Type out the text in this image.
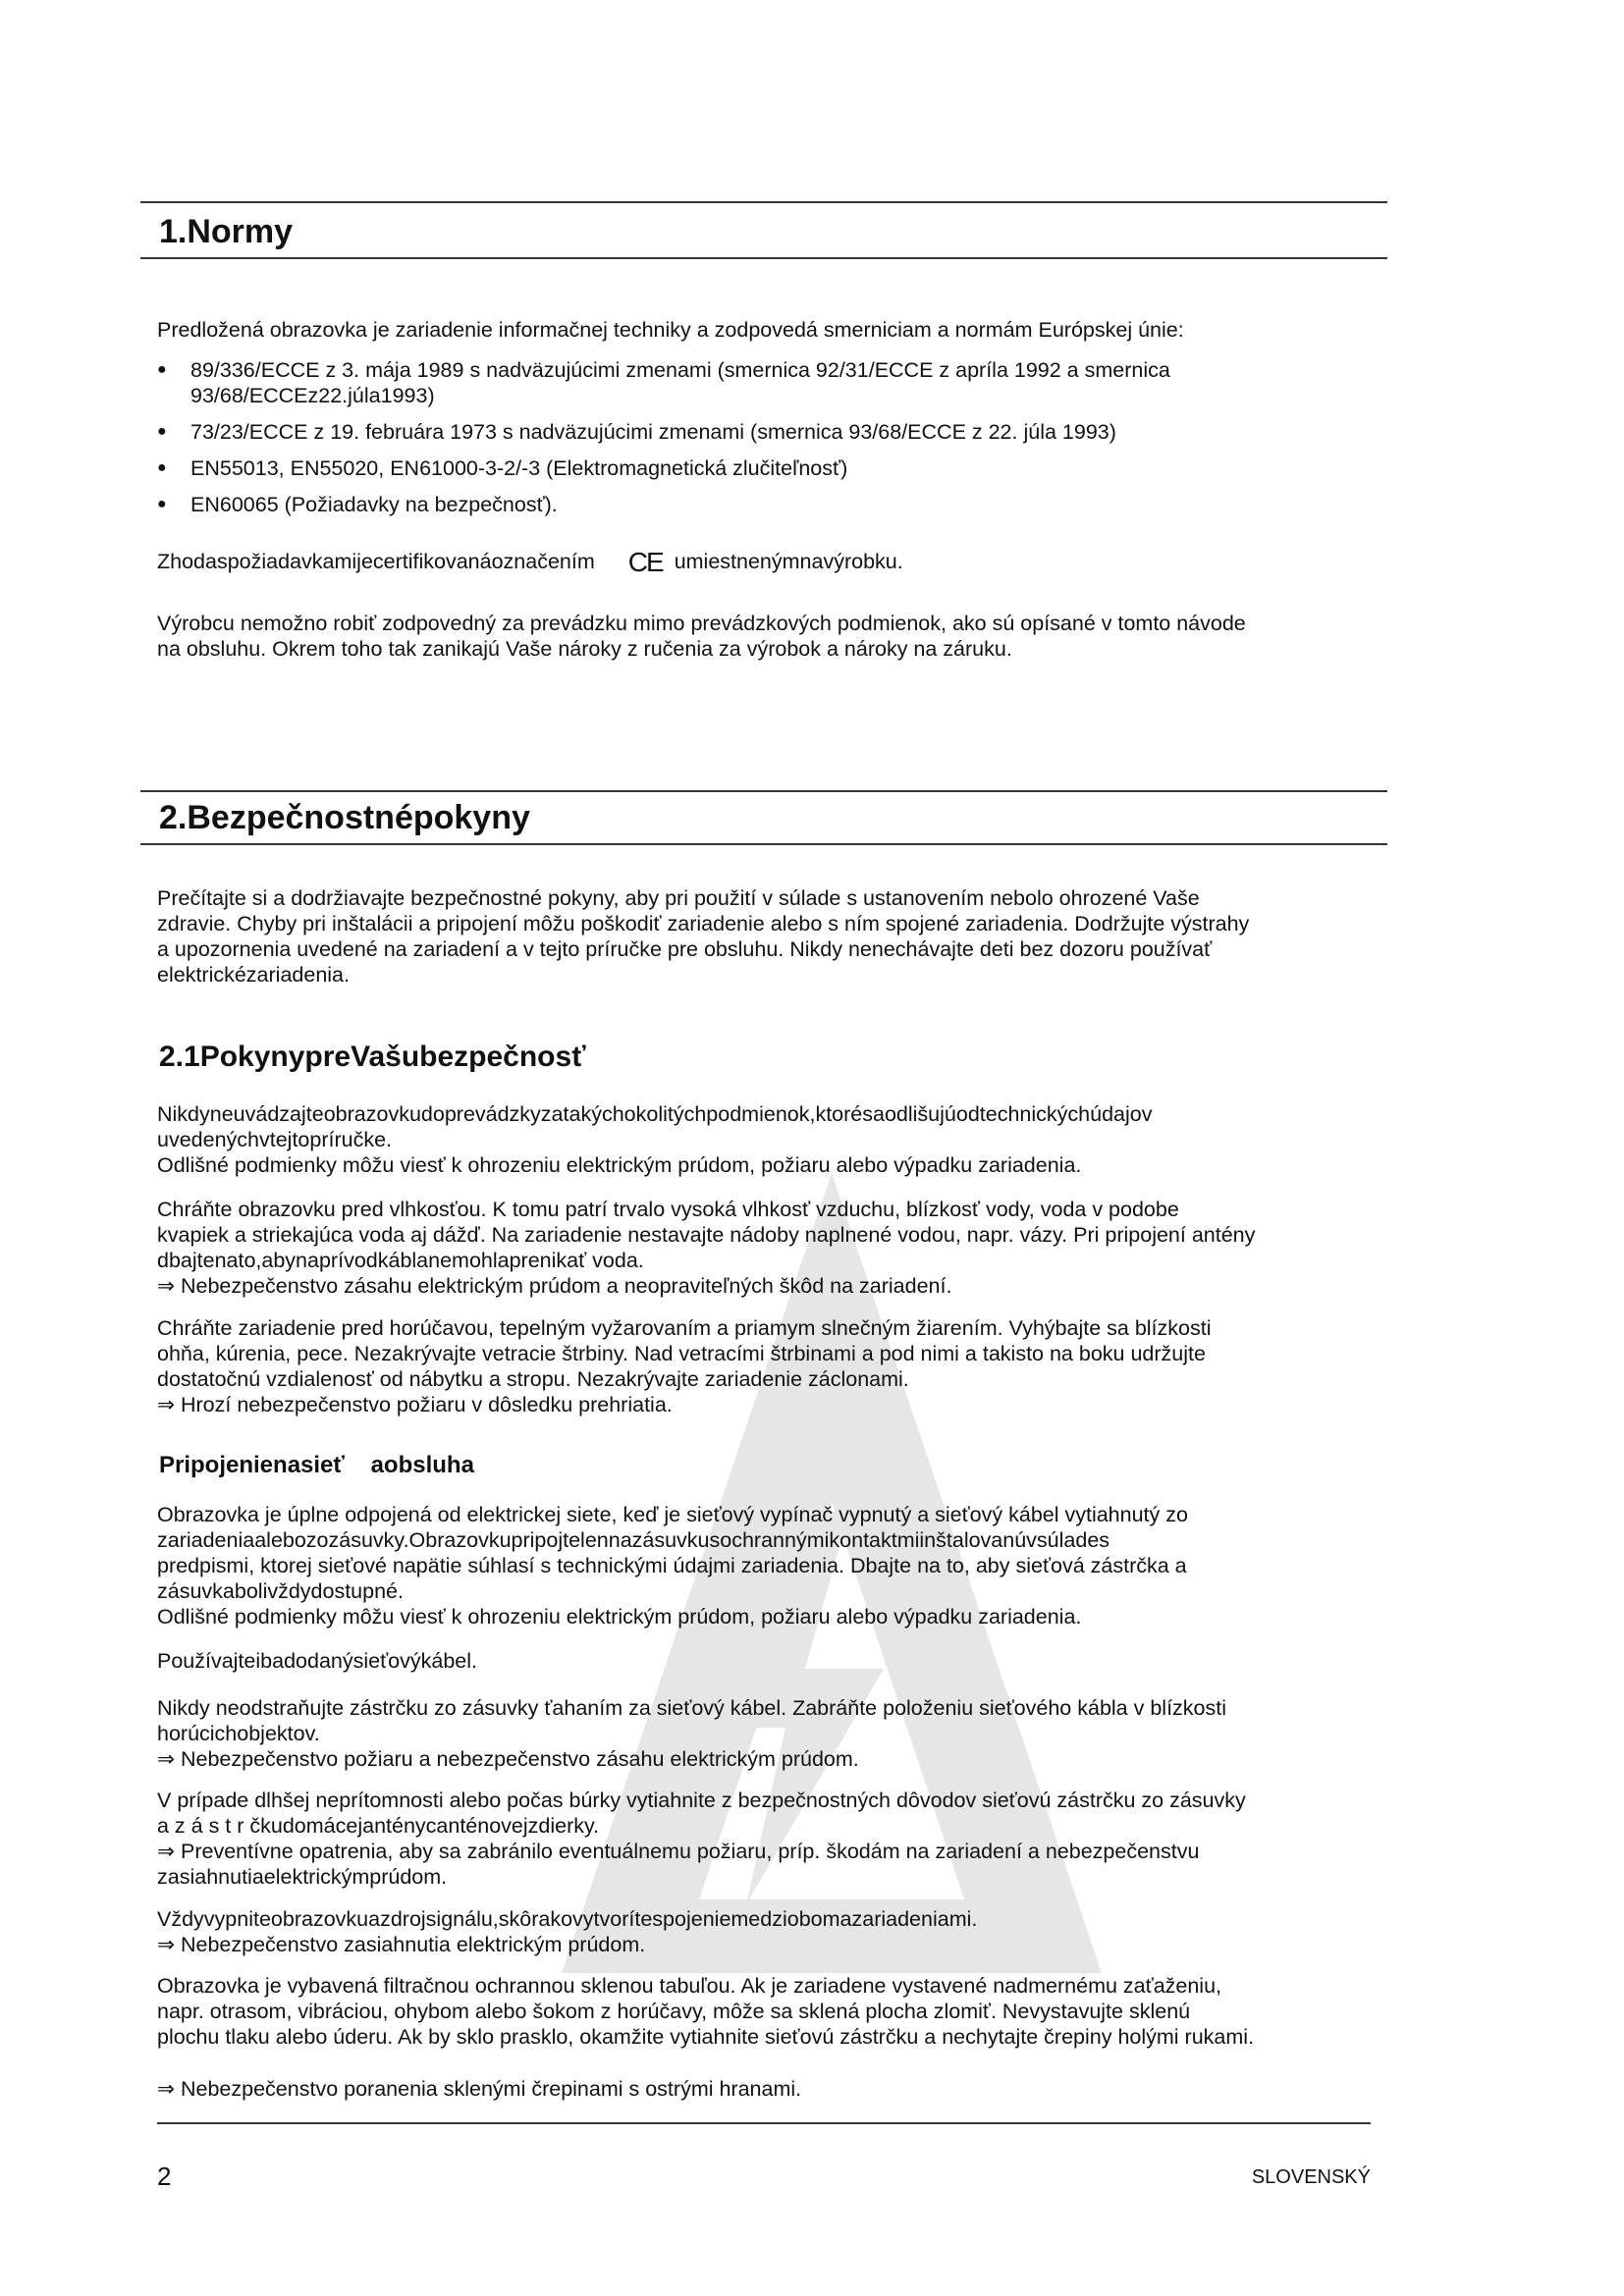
1.Normy
Predložená obrazovka je zariadenie informačnej techniky a zodpovedá smerniciam a normám Európskej únie:
● 89/336/ECCE z 3. mája 1989 s nadväzujúcimi zmenami (smernica 92/31/ECCE z apríla 1992 a smernica
93/68/ECCEz22.júla1993)
● 73/23/ECCE z 19. februára 1973 s nadväzujúcimi zmenami (smernica 93/68/ECCE z 22. júla 1993)
● EN55013, EN55020, EN61000-3-2/-3 (Elektromagnetická zlučiteľnosť)
● EN60065 (Požiadavky na bezpečnosť).
Zhodaspožiadavkamijecertifikovanáoznačením CE umiestnenýmnavýrobku.
Výrobcu nemožno robiť zodpovedný za prevádzku mimo prevádzkových podmienok, ako sú opísané v tomto návode
na obsluhu. Okrem toho tak zanikajú Vaše nároky z ručenia za výrobok a nároky na záruku.
2.Bezpečnostnépokyny
Prečítajte si a dodržiavajte bezpečnostné pokyny, aby pri použití v súlade s ustanovením nebolo ohrozené Vaše
zdravie. Chyby pri inštalácii a pripojení môžu poškodiť zariadenie alebo s ním spojené zariadenia. Dodržujte výstrahy
a upozornenia uvedené na zariadení a v tejto príručke pre obsluhu. Nikdy nenechávajte deti bez dozoru používať
elektrickézariadenia.
2.1PokynypreVašubezpečnosť
Nikdyneuvádzajteobrazovkudoprevádzkyzatakýchokolitýchpodmienok,ktorésaodlišujúodtechnickýchúdajov
uvedenýchvtejtopríručke.
Odlišné podmienky môžu viesť k ohrozeniu elektrickým prúdom, požiaru alebo výpadku zariadenia.
Chráňte obrazovku pred vlhkosťou. K tomu patrí trvalo vysoká vlhkosť vzduchu, blízkosť vody, voda v podobe
kvapiek a striekajúca voda aj dážď. Na zariadenie nestavajte nádoby naplnené vodou, napr. vázy. Pri pripojení antény
dbajtenato,abynaprívodkáblanemohlaprenikať voda.
⇒ Nebezpečenstvo zásahu elektrickým prúdom a neopraviteľných škôd na zariadení.
Chráňte zariadenie pred horúčavou, tepelným vyžarovaním a priamym slnečným žiarením. Vyhýbajte sa blízkosti
ohňa, kúrenia, pece. Nezakrývajte vetracie štrbiny. Nad vetracími štrbinami a pod nimi a takisto na boku udržujte
dostatočnú vzdialenosť od nábytku a stropu. Nezakrývajte zariadenie záclonami.
⇒ Hrozí nebezpečenstvo požiaru v dôsledku prehriatia.
Pripojenienasieť    aobsluha
Obrazovka je úplne odpojená od elektrickej siete, keď je sieťový vypínač vypnutý a sieťový kábel vytiahnutý zo
zariadeniaalebozozásuvky.Obrazovkupripojtelennazásuvkusochrannýmikontaktmiinštalovanúvsúlades
predpismi, ktorej sieťové napätie súhlasí s technickými údajmi zariadenia. Dbajte na to, aby sieťová zástrčka a
zásuvkabolivždydostupné.
Odlišné podmienky môžu viesť k ohrozeniu elektrickým prúdom, požiaru alebo výpadku zariadenia.
Používajteibadodanýsieťovýkábel.
Nikdy neodstraňujte zástrčku zo zásuvky ťahaním za sieťový kábel. Zabráňte položeniu sieťového kábla v blízkosti
horúcichobjektov.
⇒ Nebezpečenstvo požiaru a nebezpečenstvo zásahu elektrickým prúdom.
V prípade dlhšej neprítomnosti alebo počas búrky vytiahnite z bezpečnostných dôvodov sieťovú zástrčku zo zásuvky
a z á s t r čkudomácejanténycanténovejzdierky.
⇒ Preventívne opatrenia, aby sa zabránilo eventuálnemu požiaru, príp. škodám na zariadení a nebezpečenstvu
zasiahnutiaelektrickýmprúdom.
Vždyvypniteobrazovkuazdrojsignálu,skôrakovytvorítespojeniemedziobomazariadeniami.
⇒ Nebezpečenstvo zasiahnutia elektrickým prúdom.
Obrazovka je vybavená filtračnou ochrannou sklenou tabuľou. Ak je zariadene vystavené nadmernému zaťaženiu,
napr. otrasom, vibráciou, ohybom alebo šokom z horúčavy, môže sa sklená plocha zlomiť. Nevystavujte sklenú
plochu tlaku alebo úderu. Ak by sklo prasklo, okamžite vytiahnite sieťovú zástrčku a nechytajte črepiny holými rukami.
⇒ Nebezpečenstvo poranenia sklenými črepinami s ostrými hranami.
2	SLOVENSKÝ
